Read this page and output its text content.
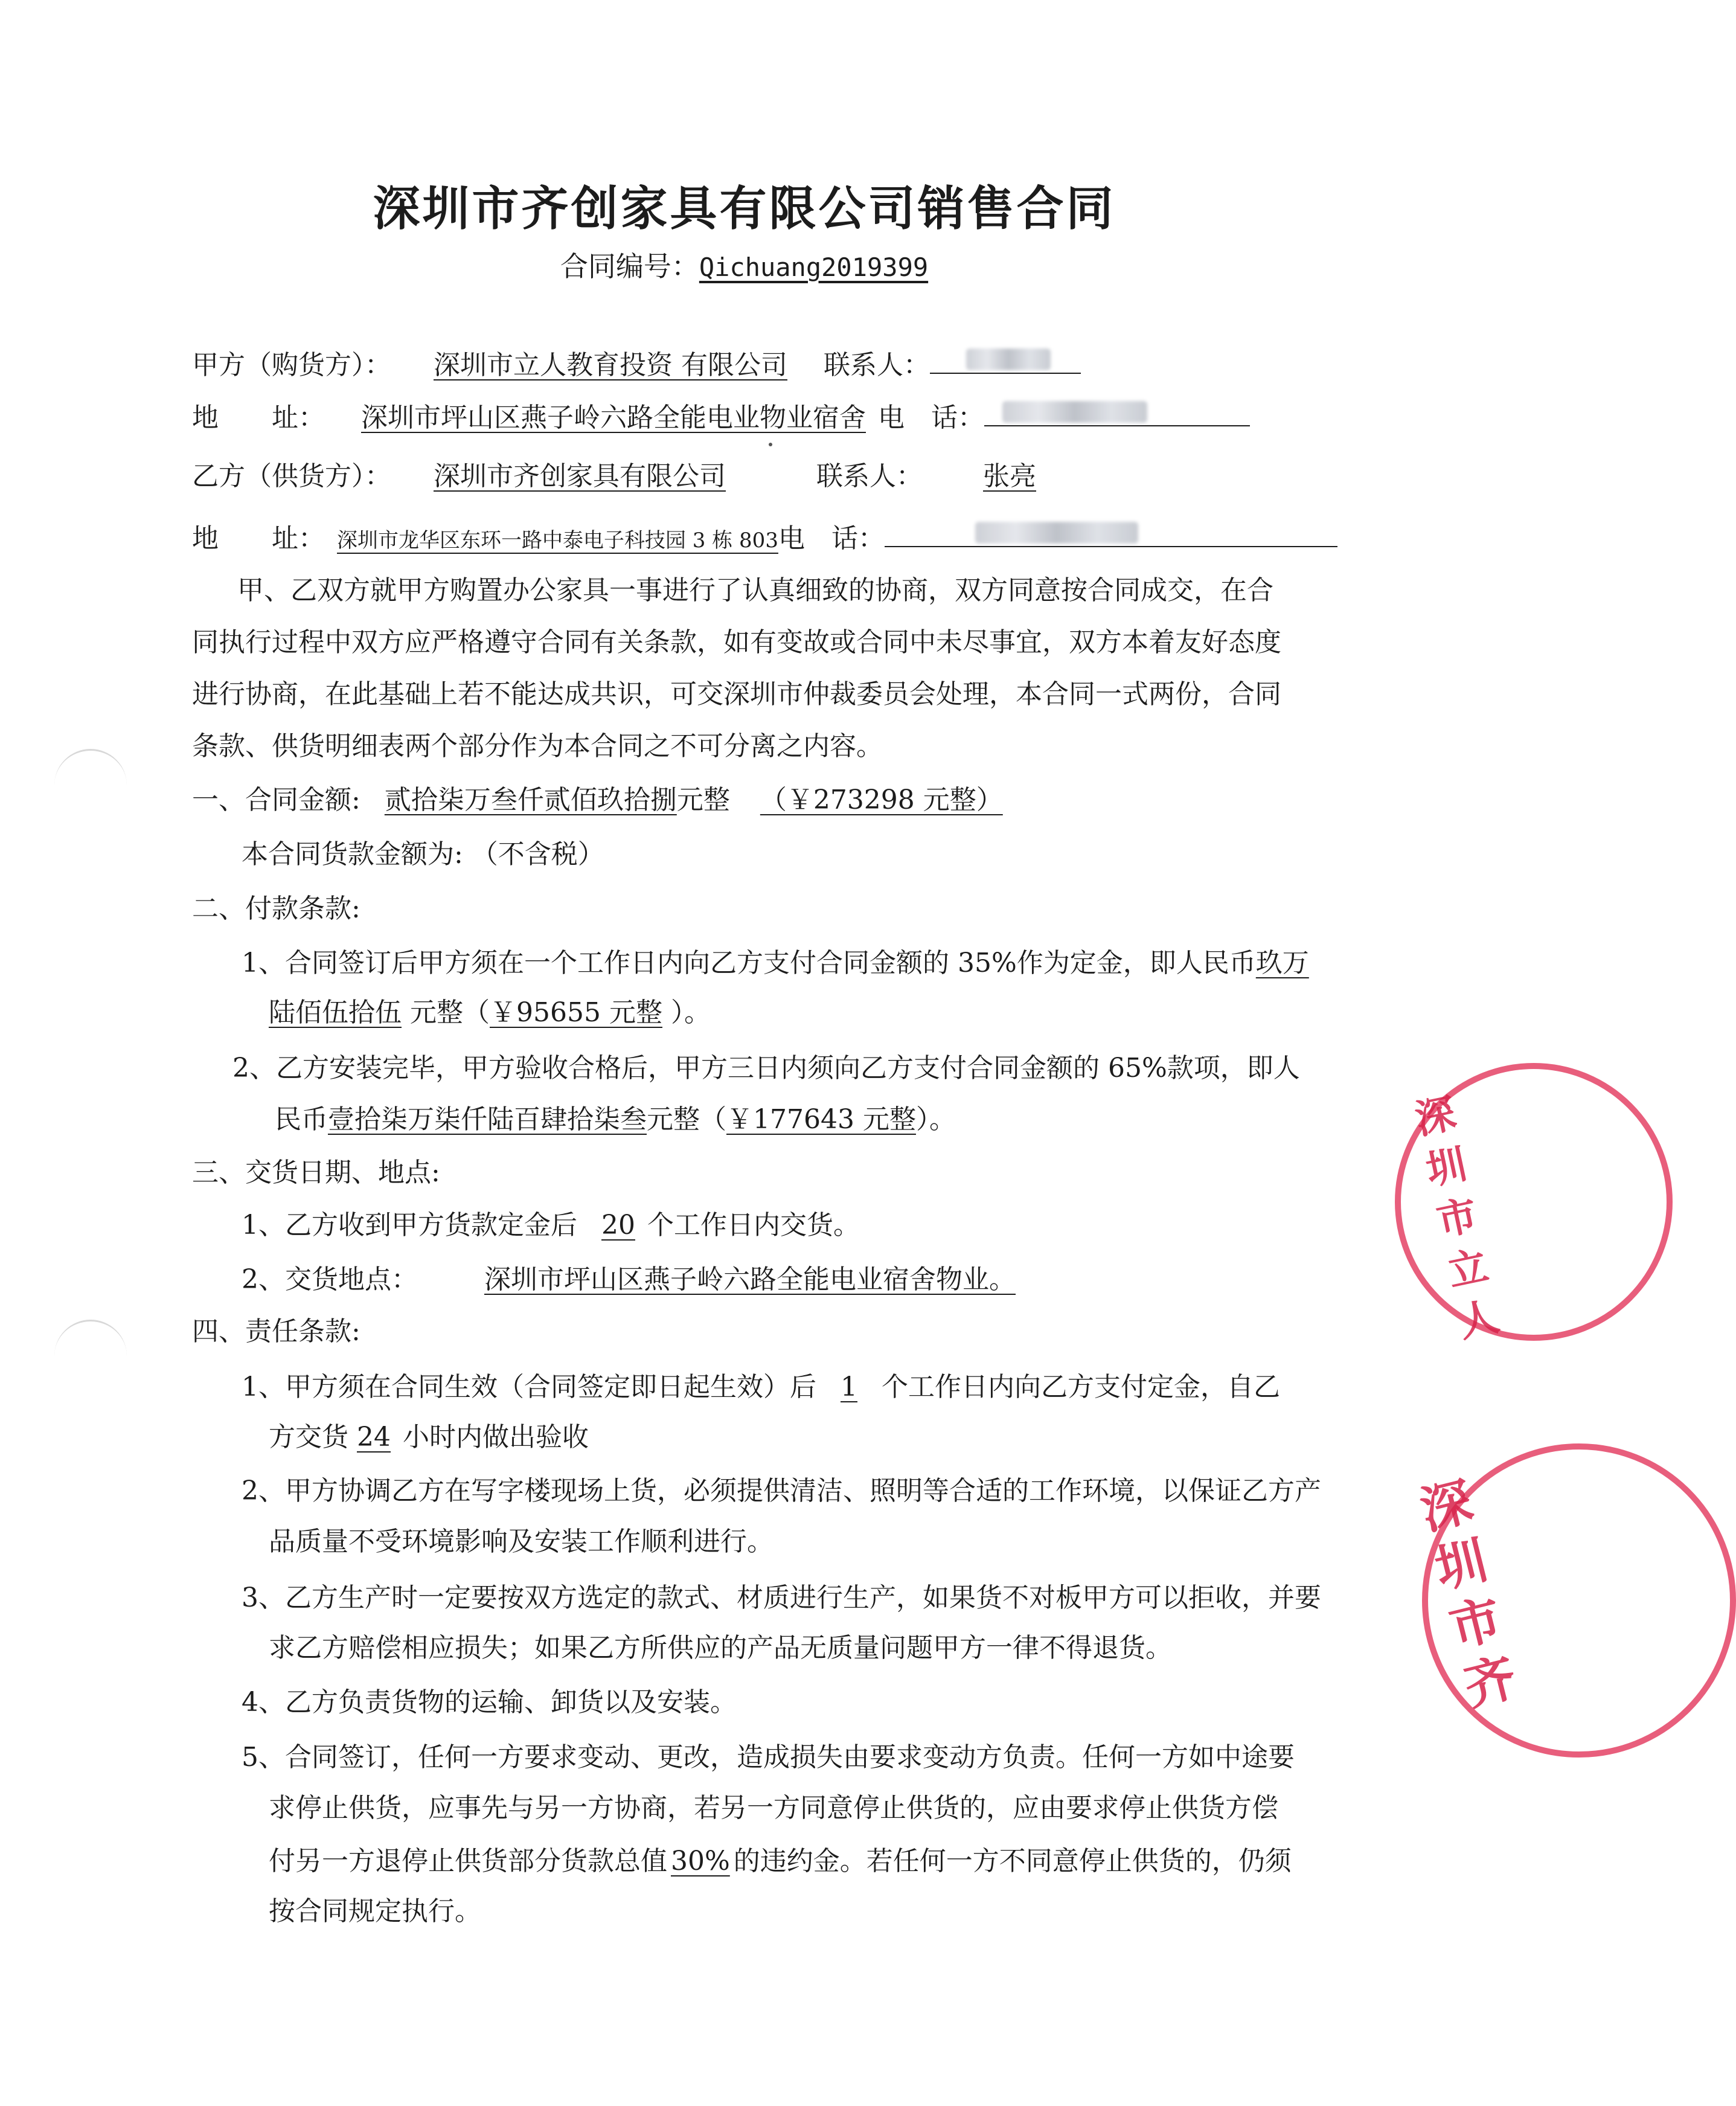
深圳市齐创家具有限公司销售合同
合同编号：Qichuang2019399
甲方（购货方）： 深圳市立人教育投资 有限公司 联系人：
地　　址： 深圳市坪山区燕子岭六路全能电业物业宿舍 电　话：
乙方（供货方）： 深圳市齐创家具有限公司	联系人： 张亮
地　　址： 深圳市龙华区东环一路中泰电子科技园 3 栋 803电　话：
甲、乙双方就甲方购置办公家具一事进行了认真细致的协商，双方同意按合同成交，在合
同执行过程中双方应严格遵守合同有关条款，如有变故或合同中未尽事宜，双方本着友好态度
进行协商，在此基础上若不能达成共识，可交深圳市仲裁委员会处理，本合同一式两份，合同
条款、供货明细表两个部分作为本合同之不可分离之内容。
一、合同金额: 贰拾柒万叁仟贰佰玖拾捌元整 （￥273298 元整）
本合同货款金额为: （不含税）
二、付款条款:
1、合同签订后甲方须在一个工作日内向乙方支付合同金额的 35%作为定金，即人民币玖万
陆佰伍拾伍 元整（￥95655 元整 ）。
2、乙方安装完毕，甲方验收合格后，甲方三日内须向乙方支付合同金额的 65%款项，即人
民币壹拾柒万柒仟陆百肆拾柒叁元整（￥177643 元整）。
三、交货日期、地点:
1、乙方收到甲方货款定金后 20 个工作日内交货。
2、交货地点：	深圳市坪山区燕子岭六路全能电业宿舍物业。
四、责任条款:
1、甲方须在合同生效（合同签定即日起生效）后 1 个工作日内向乙方支付定金，自乙
方交货 24 小时内做出验收
2、甲方协调乙方在写字楼现场上货，必须提供清洁、照明等合适的工作环境，以保证乙方产
品质量不受环境影响及安装工作顺利进行。
3、乙方生产时一定要按双方选定的款式、材质进行生产，如果货不对板甲方可以拒收，并要
求乙方赔偿相应损失；如果乙方所供应的产品无质量问题甲方一律不得退货。
4、乙方负责货物的运输、卸货以及安装。
5、合同签订，任何一方要求变动、更改，造成损失由要求变动方负责。任何一方如中途要
求停止供货，应事先与另一方协商，若另一方同意停止供货的，应由要求停止供货方偿
付另一方退停止供货部分货款总值 30% 的违约金。若任何一方不同意停止供货的，仍须
按合同规定执行。
深圳市立人
深圳市齐
